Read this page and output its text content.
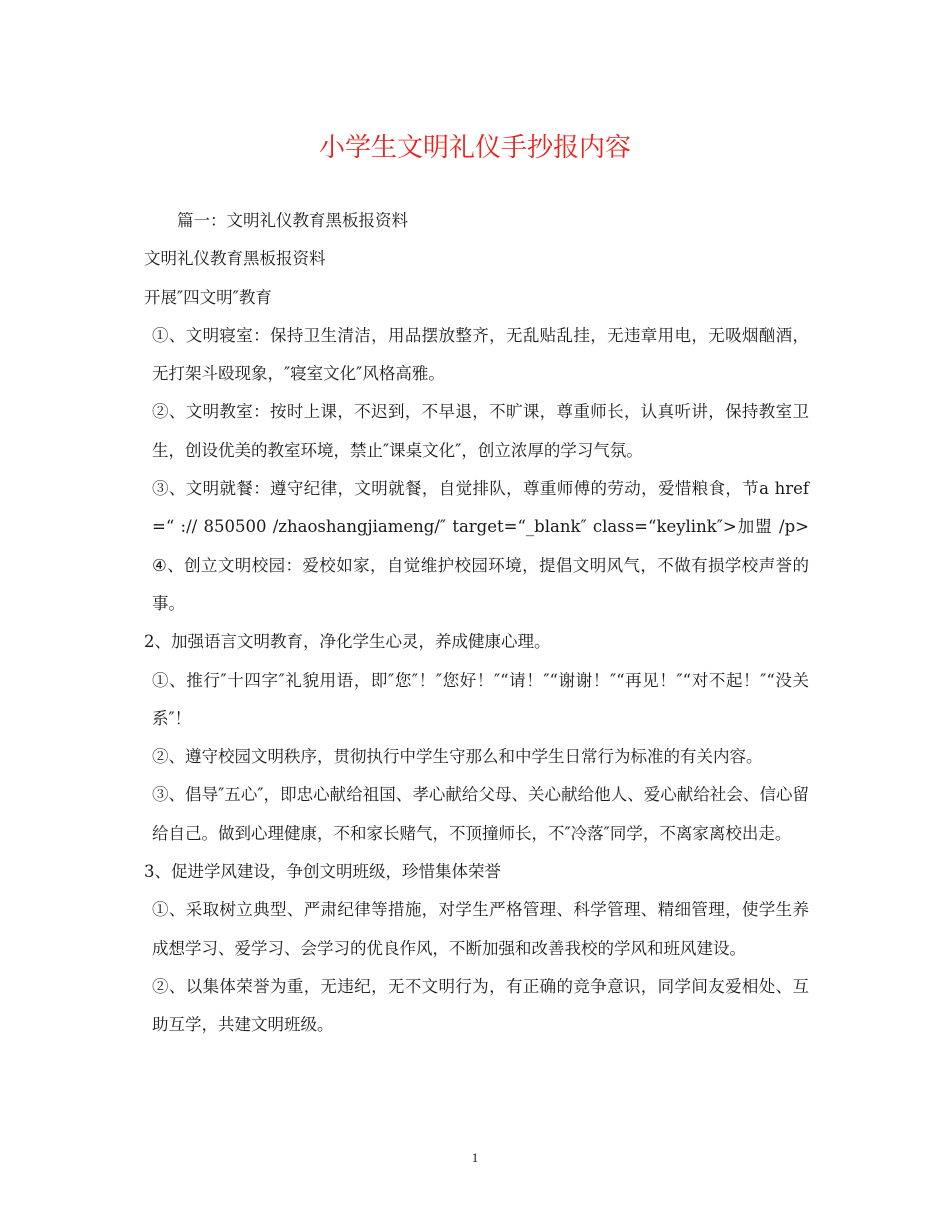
小学生文明礼仪手抄报内容

篇一：文明礼仪教育黑板报资料

文明礼仪教育黑板报资料

开展″四文明″教育

①、文明寝室：保持卫生清洁，用品摆放整齐，无乱贴乱挂，无违章用电，无吸烟酗酒，无打架斗殴现象，″寝室文化″风格高雅。

②、文明教室：按时上课，不迟到，不早退，不旷课，尊重师长，认真听讲，保持教室卫生，创设优美的教室环境，禁止″课桌文化″，创立浓厚的学习气氛。

③、文明就餐：遵守纪律，文明就餐，自觉排队，尊重师傅的劳动，爱惜粮食，节a href=“ :// 850500 /zhaoshangjiameng/″ target=“_blank″ class=“keylink″>加盟 /p>④、创立文明校园：爱校如家，自觉维护校园环境，提倡文明风气，不做有损学校声誉的事。

2、加强语言文明教育，净化学生心灵，养成健康心理。

①、推行″十四字″礼貌用语，即″您″！″您好！″“请！″“谢谢！″“再见！″“对不起！″“没关系″！

②、遵守校园文明秩序，贯彻执行中学生守那么和中学生日常行为标准的有关内容。

③、倡导″五心″，即忠心献给祖国、孝心献给父母、关心献给他人、爱心献给社会、信心留给自己。做到心理健康，不和家长赌气，不顶撞师长，不″冷落″同学，不离家离校出走。

3、促进学风建设，争创文明班级，珍惜集体荣誉

①、采取树立典型、严肃纪律等措施，对学生严格管理、科学管理、精细管理，使学生养成想学习、爱学习、会学习的优良作风，不断加强和改善我校的学风和班风建设。

②、以集体荣誉为重，无违纪，无不文明行为，有正确的竞争意识，同学间友爱相处、互助互学，共建文明班级。

1
